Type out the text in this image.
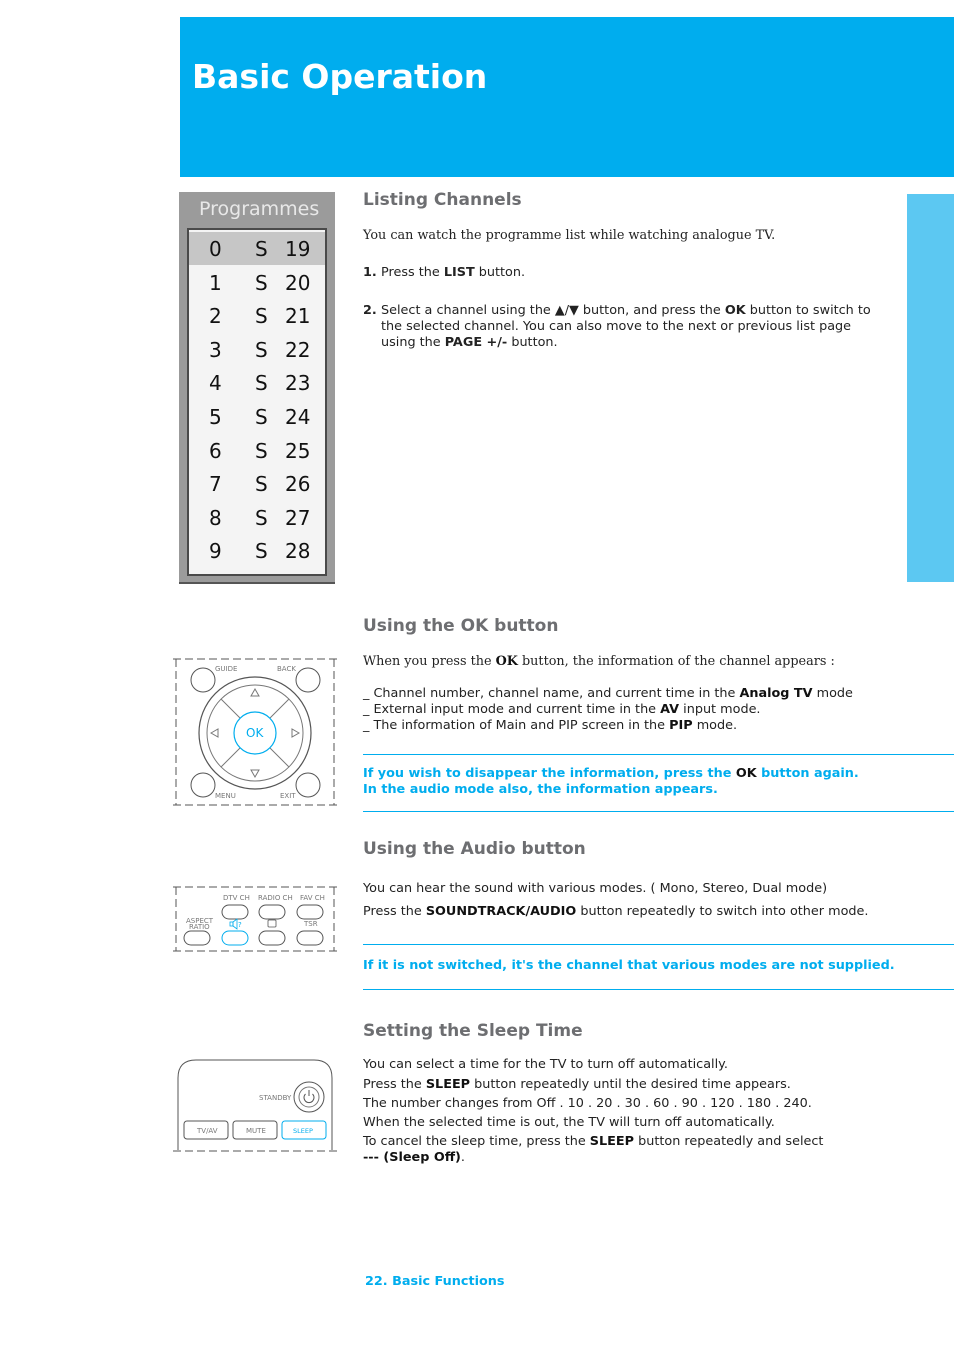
Basic Operation
Programmes
0 S 19
1 S 20
2 S 21
3 S 22
4 S 23
5 S 24
6 S 25
7 S 26
8 S 27
9 S 28
Listing Channels
You can watch the programme list while watching analogue TV.
1. Press the LIST button.
2. Select a channel using the ▲/▼ button, and press the OK button to switch to the selected channel. You can also move to the next or previous list page using the PAGE +/- button.
GUIDE	BACK
MENU	EXIT
OK
Using the OK button
When you press the OK button, the information of the channel appears :
_ Channel number, channel name, and current time in the Analog TV mode
_ External input mode and current time in the AV input mode.
_ The information of Main and PIP screen in the PIP mode.

If you wish to disappear the information, press the OK button again.

In the audio mode also, the information appears.

DTV CH RADIO CH FAV CH
ASPECT
RATIO	?	TSR
Using the Audio button
You can hear the sound with various modes. ( Mono, Stereo, Dual mode)
Press the SOUNDTRACK/AUDIO button repeatedly to switch into other mode.

If it is not switched, it's the channel that various modes are not supplied.

STANDBY
TV/AV	MUTE	SLEEP
Setting the Sleep Time
You can select a time for the TV to turn off automatically.
Press the SLEEP button repeatedly until the desired time appears.
The number changes from Off . 10 . 20 . 30 . 60 . 90 . 120 . 180 . 240.
When the selected time is out, the TV will turn off automatically.
To cancel the sleep time, press the SLEEP button repeatedly and select
--- (Sleep Off).
22. Basic Functions
